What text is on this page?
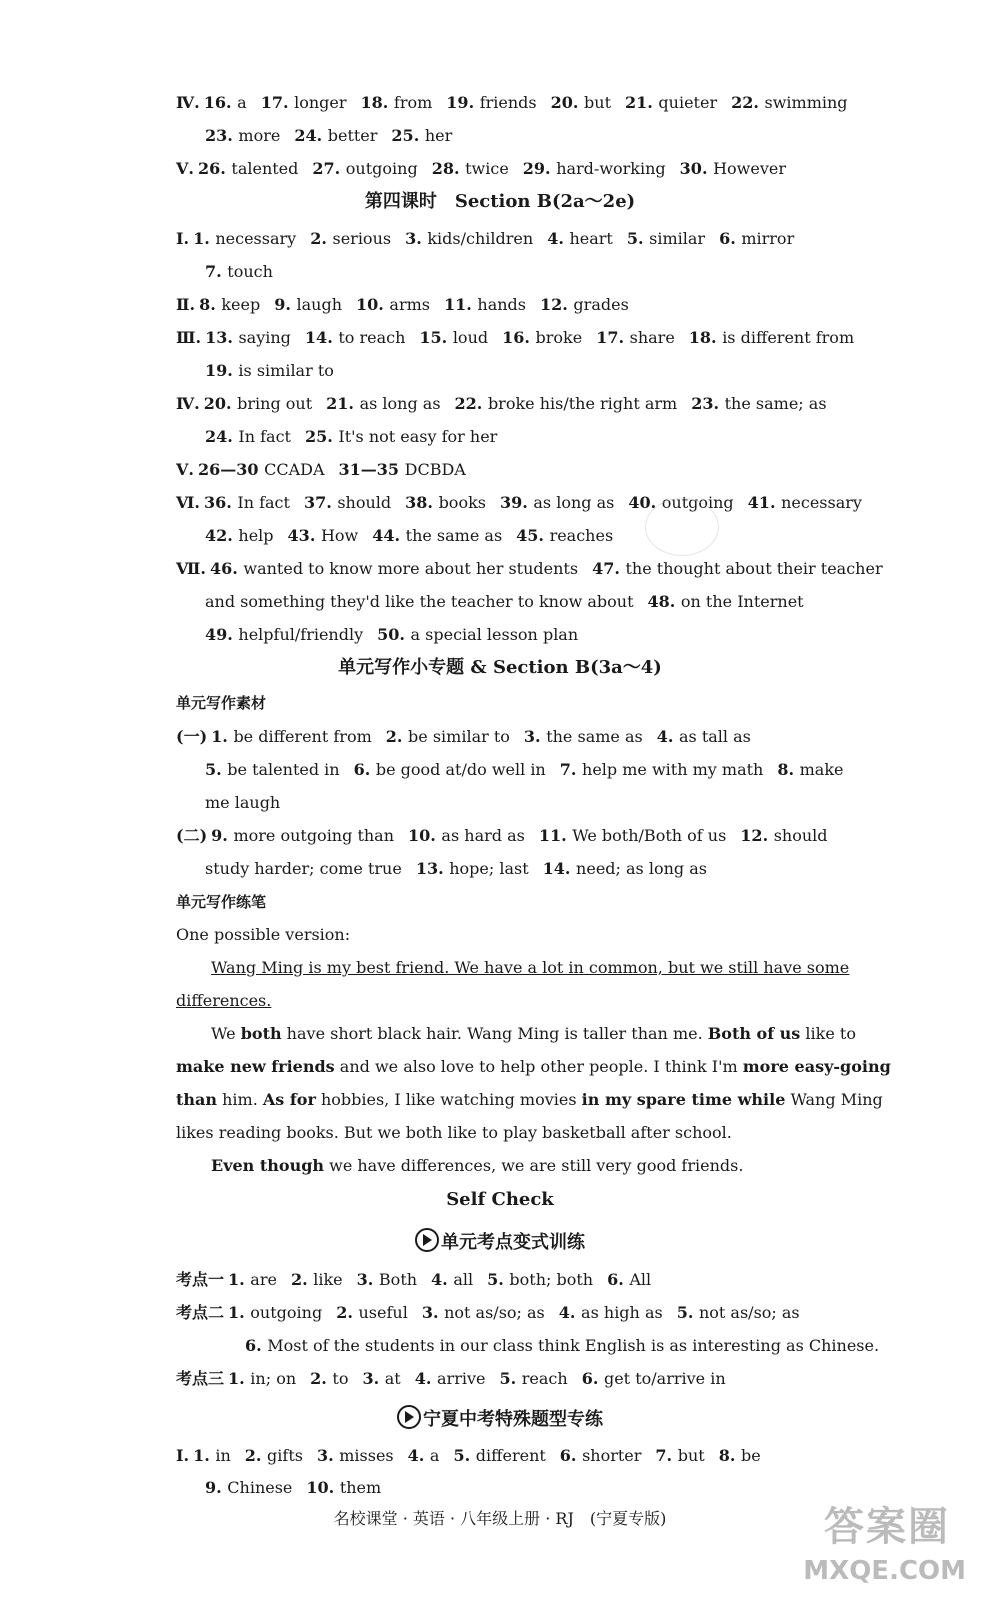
Ⅳ. 16. a 17. longer 18. from 19. friends 20. but 21. quieter 22. swimming
23. more 24. better 25. her
Ⅴ. 26. talented 27. outgoing 28. twice 29. hard-working 30. However
Ⅰ. 1. necessary 2. serious 3. kids/children 4. heart 5. similar 6. mirror
7. touch
Ⅱ. 8. keep 9. laugh 10. arms 11. hands 12. grades
Ⅲ. 13. saying 14. to reach 15. loud 16. broke 17. share 18. is different from
19. is similar to
Ⅳ. 20. bring out 21. as long as 22. broke his/the right arm 23. the same; as
24. In fact 25. It's not easy for her
Ⅴ. 26—30 CCADA 31—35 DCBDA
Ⅵ. 36. In fact 37. should 38. books 39. as long as 40. outgoing 41. necessary
42. help 43. How 44. the same as 45. reaches
Ⅶ. 46. wanted to know more about her students 47. the thought about their teacher
and something they'd like the teacher to know about 48. on the Internet
49. helpful/friendly 50. a special lesson plan
第四课时　Section B(2a～2e)
单元写作小专题 & Section B(3a～4)
单元写作素材
(一) 1. be different from 2. be similar to 3. the same as 4. as tall as
5. be talented in 6. be good at/do well in 7. help me with my math 8. make
me laugh
(二) 9. more outgoing than 10. as hard as 11. We both/Both of us 12. should
study harder; come true 13. hope; last 14. need; as long as
单元写作练笔
One possible version:
Wang Ming is my best friend. We have a lot in common, but we still have some
differences.
We both have short black hair. Wang Ming is taller than me. Both of us like to
make new friends and we also love to help other people. I think I'm more easy-going
than him. As for hobbies, I like watching movies in my spare time while Wang Ming
likes reading books. But we both like to play basketball after school.
Even though we have differences, we are still very good friends.
Self Check
单元考点变式训练
考点一 1. are 2. like 3. Both 4. all 5. both; both 6. All
考点二 1. outgoing 2. useful 3. not as/so; as 4. as high as 5. not as/so; as
6. Most of the students in our class think English is as interesting as Chinese.
考点三 1. in; on 2. to 3. at 4. arrive 5. reach 6. get to/arrive in
宁夏中考特殊题型专练
Ⅰ. 1. in 2. gifts 3. misses 4. a 5. different 6. shorter 7. but 8. be
9. Chinese 10. them
名校课堂 · 英语 · 八年级上册 · RJ　(宁夏专版)	答案圈
MXQE.COM
